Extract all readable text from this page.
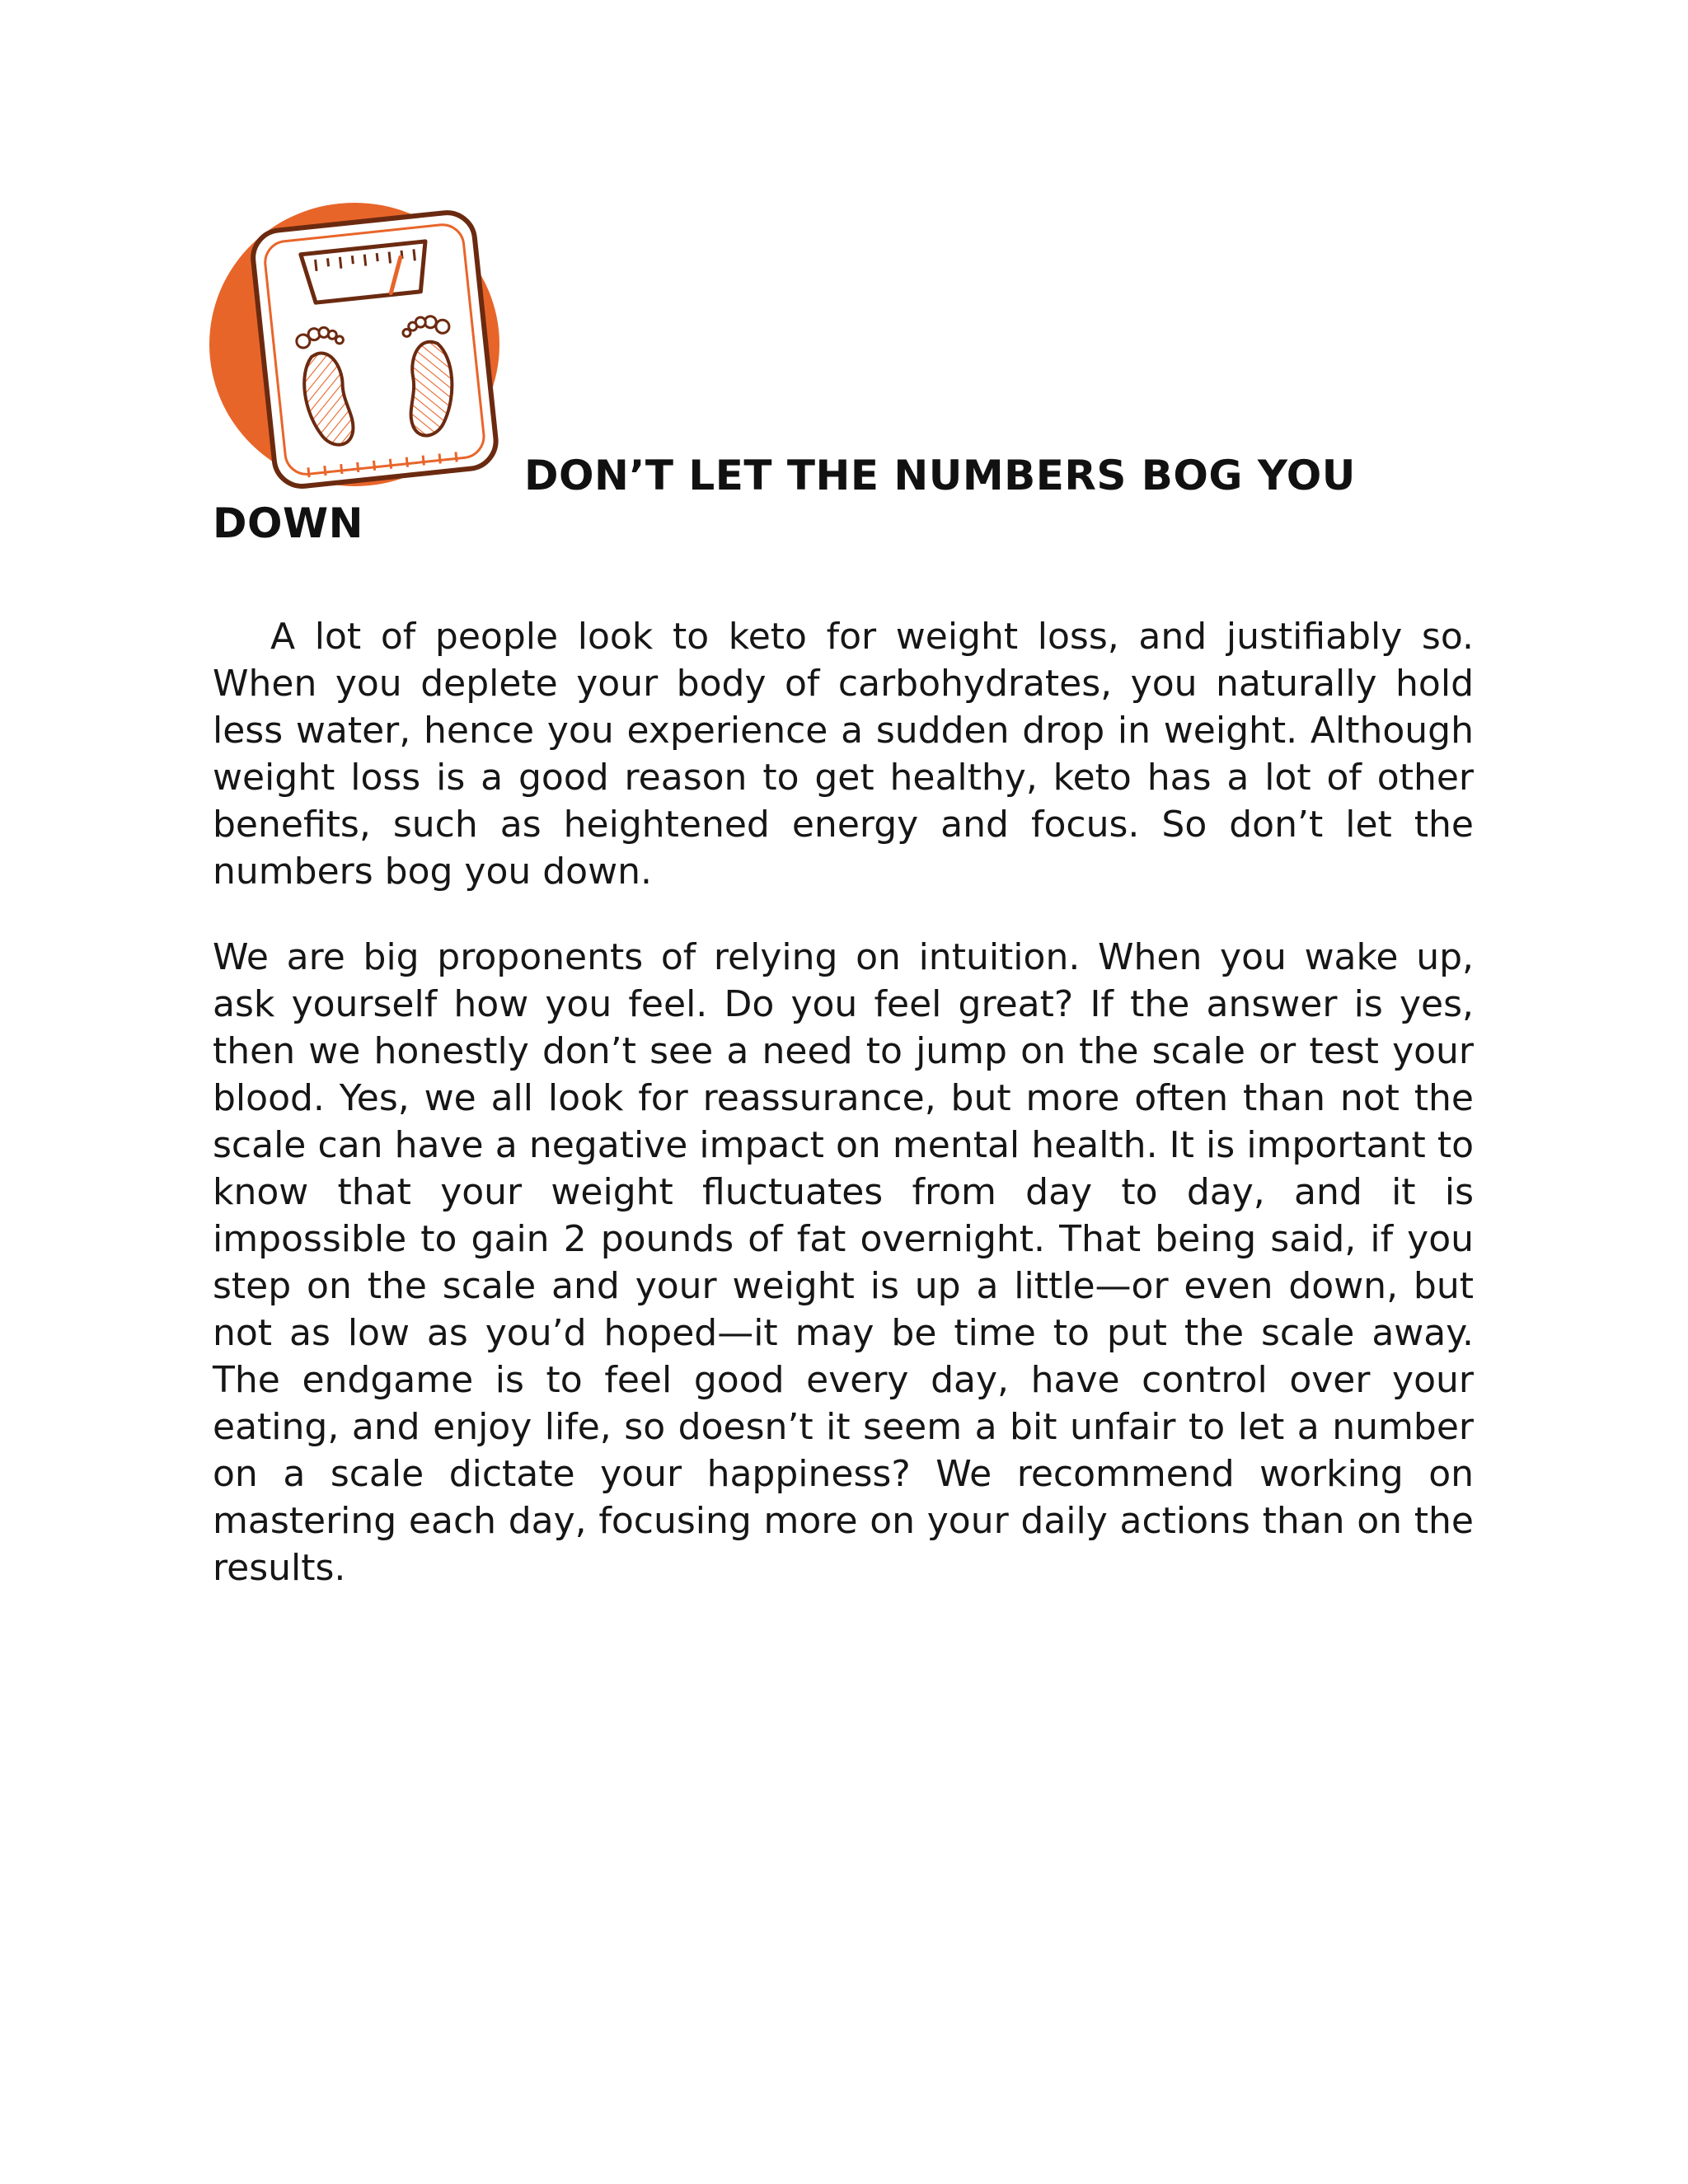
DON’T LET THE NUMBERS BOG YOU DOWN

A lot of people look to keto for weight loss, and justifiably so. When you deplete your body of carbohydrates, you naturally hold less water, hence you experience a sudden drop in weight. Although weight loss is a good reason to get healthy, keto has a lot of other benefits, such as heightened energy and focus. So don’t let the numbers bog you down.

We are big proponents of relying on intuition. When you wake up, ask yourself how you feel. Do you feel great? If the answer is yes, then we honestly don’t see a need to jump on the scale or test your blood. Yes, we all look for reassurance, but more often than not the scale can have a negative impact on mental health. It is important to know that your weight fluctuates from day to day, and it is impossible to gain 2 pounds of fat overnight. That being said, if you step on the scale and your weight is up a little—or even down, but not as low as you’d hoped—it may be time to put the scale away. The endgame is to feel good every day, have control over your eating, and enjoy life, so doesn’t it seem a bit unfair to let a number on a scale dictate your happiness? We recommend working on mastering each day, focusing more on your daily actions than on the results.
